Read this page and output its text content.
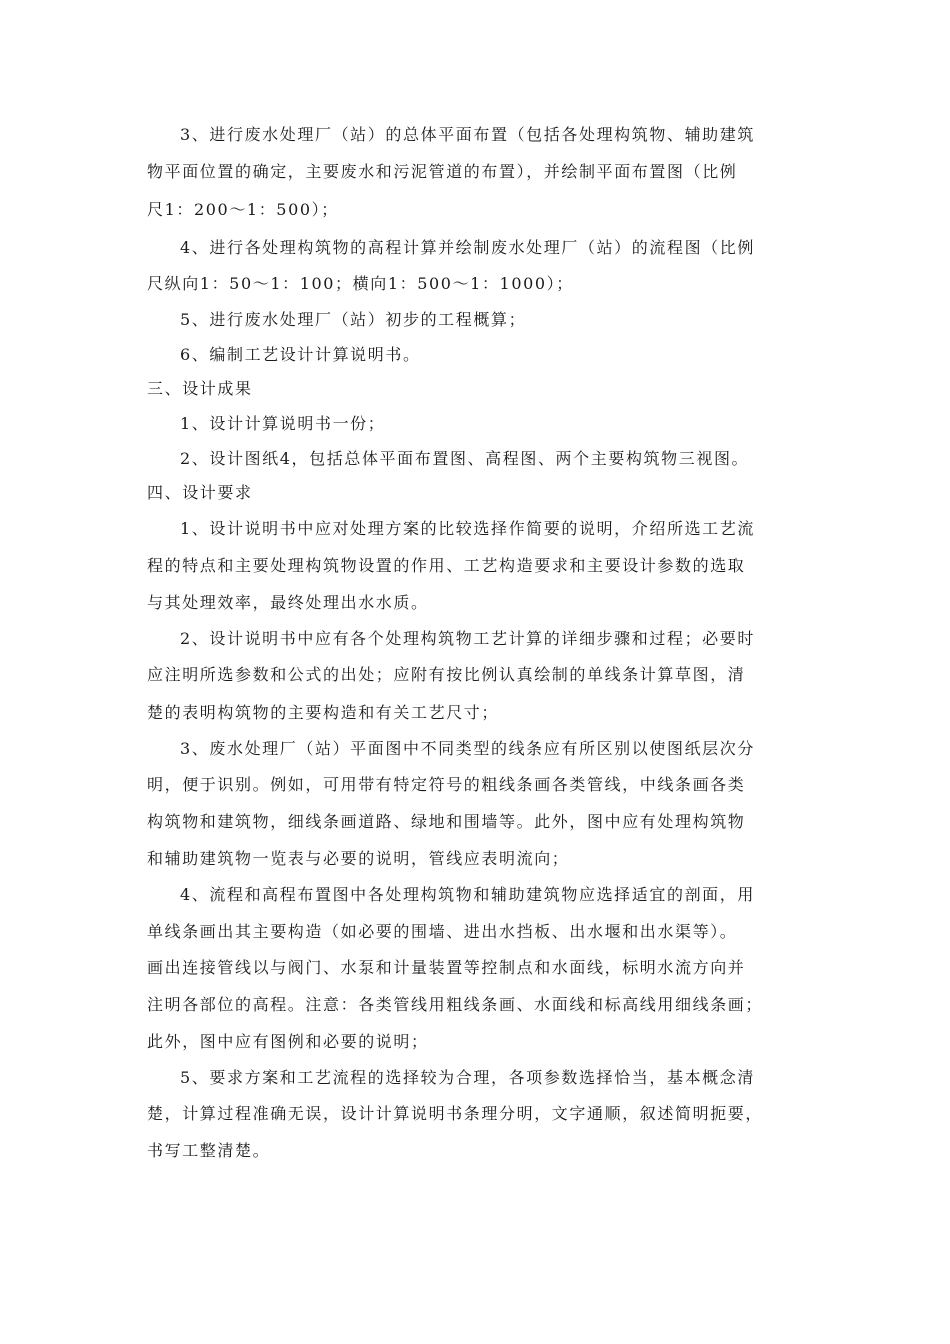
3、进行废水处理厂（站）的总体平面布置（包括各处理构筑物、辅助建筑
物平面位置的确定，主要废水和污泥管道的布置），并绘制平面布置图（比例
尺1：200～1：500）；
4、进行各处理构筑物的高程计算并绘制废水处理厂（站）的流程图（比例
尺纵向1：50～1：100；横向1：500～1：1000）；
5、进行废水处理厂（站）初步的工程概算；
6、编制工艺设计计算说明书。
三、设计成果
1、设计计算说明书一份；
2、设计图纸4，包括总体平面布置图、高程图、两个主要构筑物三视图。
四、设计要求
1、设计说明书中应对处理方案的比较选择作简要的说明，介绍所选工艺流
程的特点和主要处理构筑物设置的作用、工艺构造要求和主要设计参数的选取
与其处理效率，最终处理出水水质。
2、设计说明书中应有各个处理构筑物工艺计算的详细步骤和过程；必要时
应注明所选参数和公式的出处；应附有按比例认真绘制的单线条计算草图，清
楚的表明构筑物的主要构造和有关工艺尺寸；
3、废水处理厂（站）平面图中不同类型的线条应有所区别以使图纸层次分
明，便于识别。例如，可用带有特定符号的粗线条画各类管线，中线条画各类
构筑物和建筑物，细线条画道路、绿地和围墙等。此外，图中应有处理构筑物
和辅助建筑物一览表与必要的说明，管线应表明流向；
4、流程和高程布置图中各处理构筑物和辅助建筑物应选择适宜的剖面，用
单线条画出其主要构造（如必要的围墙、进出水挡板、出水堰和出水渠等）。
画出连接管线以与阀门、水泵和计量装置等控制点和水面线，标明水流方向并
注明各部位的高程。注意：各类管线用粗线条画、水面线和标高线用细线条画；
此外，图中应有图例和必要的说明；
5、要求方案和工艺流程的选择较为合理，各项参数选择恰当，基本概念清
楚，计算过程准确无误，设计计算说明书条理分明，文字通顺，叙述简明扼要，
书写工整清楚。
